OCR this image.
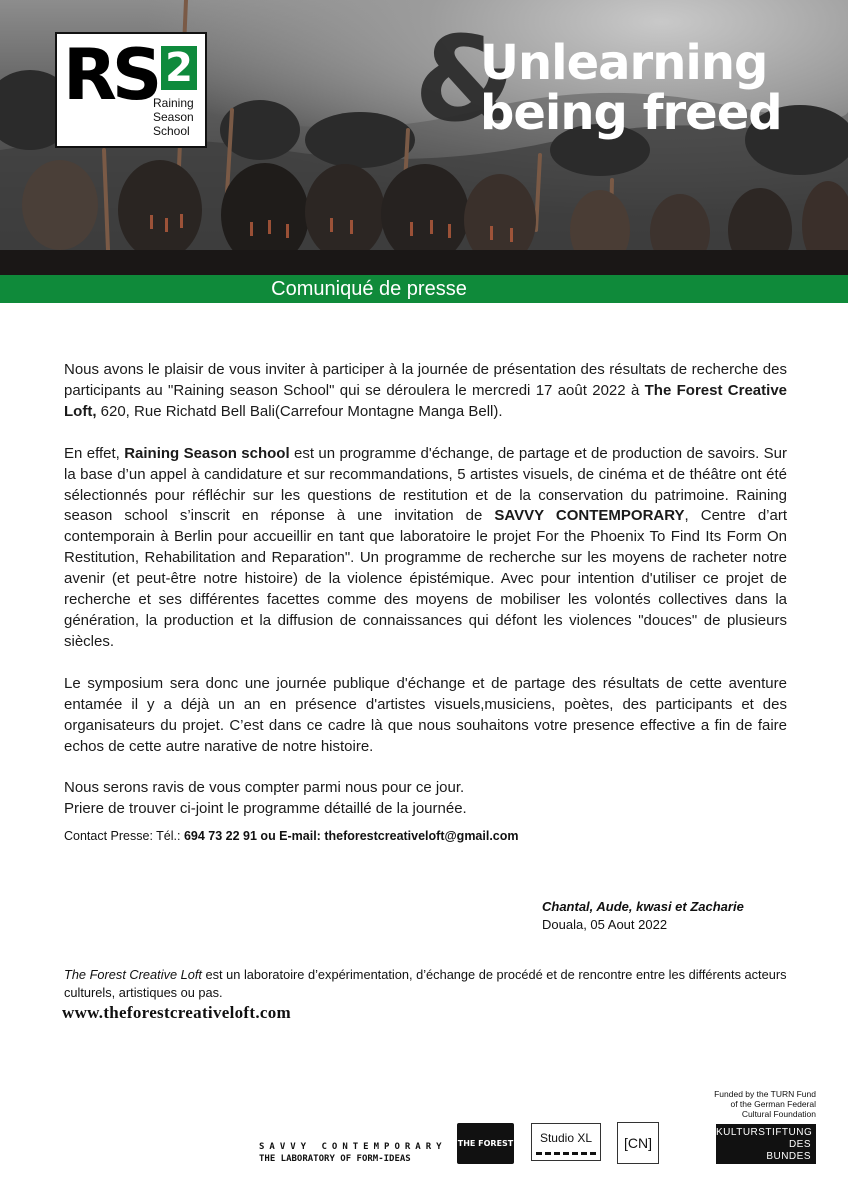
RS 2
Raining
Season
School &
Unlearning
being freed
Comuniqué de presse

Nous avons le plaisir de vous inviter à participer à la journée de présentation des résultats de recherche des participants au "Raining season School" qui se déroulera le mercredi 17 août 2022 à The Forest Creative Loft, 620, Rue Richatd Bell Bali(Carrefour Montagne Manga Bell).

En effet, Raining Season school est un programme d'échange, de partage et de production de savoirs. Sur la base d’un appel à candidature et sur recommandations, 5 artistes visuels, de cinéma et de théâtre ont été sélectionnés pour réfléchir sur les questions de restitution et de la conservation du patrimoine. Raining season school s’inscrit en réponse à une invitation de SAVVY CONTEMPORARY, Centre d’art contemporain à Berlin pour accueillir en tant que laboratoire le projet For the Phoenix To Find Its Form On Restitution, Rehabilitation and Reparation". Un programme de recherche sur les moyens de racheter notre avenir (et peut-être notre histoire) de la violence épistémique. Avec pour intention d'utiliser ce projet de recherche et ses différentes facettes comme des moyens de mobiliser les volontés collectives dans la génération, la production et la diffusion de connaissances qui défont les violences "douces" de plusieurs siècles.

Le symposium sera donc une journée publique d'échange et de partage des résultats de cette aventure entamée il y a déjà un an en présence d'artistes visuels,musiciens, poètes, des participants et des organisateurs du projet. C’est dans ce cadre là que nous souhaitons votre presence effective a fin de faire echos de cette autre narative de notre histoire.

Nous serons ravis de vous compter parmi nous pour ce jour.
Priere de trouver ci-joint le programme détaillé de la journée.

Contact Presse: Tél.: 694 73 22 91 ou E-mail: theforestcreativeloft@gmail.com
Chantal, Aude, kwasi et Zacharie
Douala, 05 Aout 2022
The Forest Creative Loft est un laboratoire d’expérimentation, d’échange de procédé et de rencontre entre les différents acteurs culturels, artistiques ou pas.
www.theforestcreativeloft.com
Funded by the TURN Fund
of the German Federal
Cultural Foundation
KULTURSTIFTUNG
DES
BUNDES
SAVVY CONTEMPORARY
THE LABORATORY OF FORM-IDEAS
THE FOREST	Studio XL	[CN]
